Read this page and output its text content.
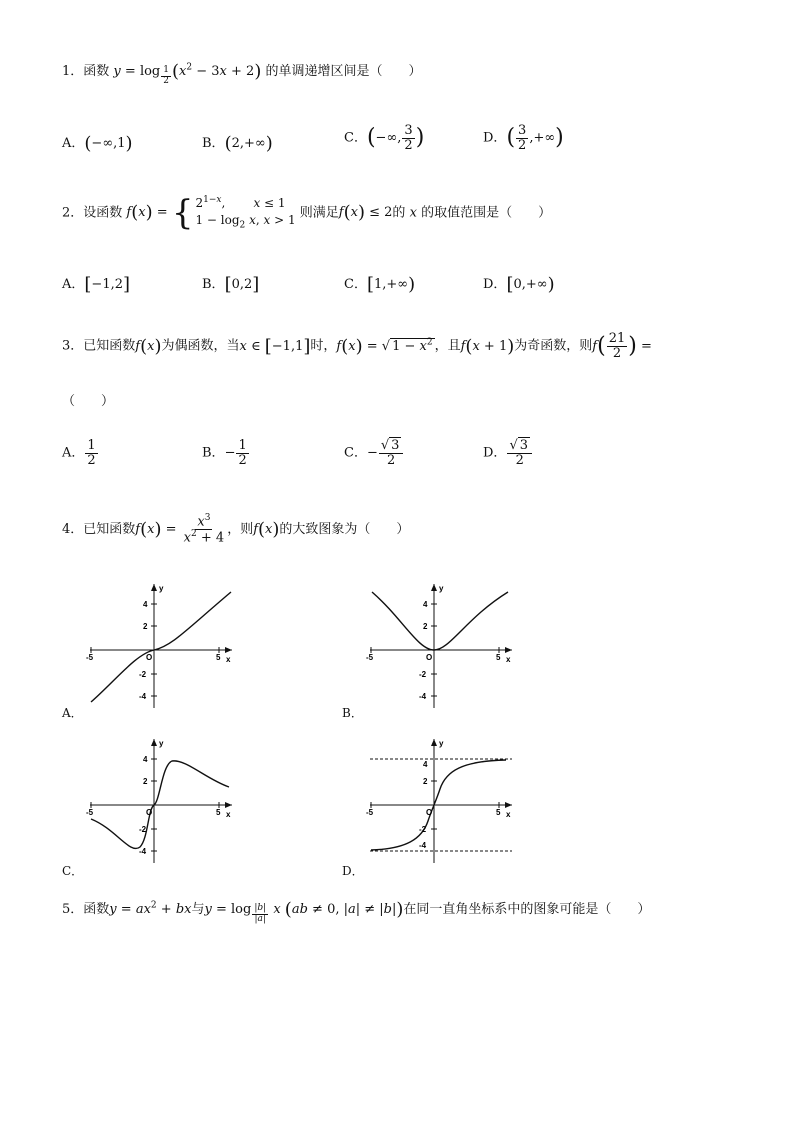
1．函数 y = log $_{\frac{1}{2}}$ $(x^2 - 3x + 2)$ 的单调递增区间是（　　）
A．(−∞,1)	B．(2,+∞)	C．(−∞, $\frac{3}{2}$ )	D．( $\frac{3}{2}$ ,+∞)
2．设函数 f(x) = { $2^{1-x}$, x ≤ 1
$1 - \log_2 x$, x > 1 则满足f(x) ≤ 2的 x 的取值范围是（　　）
A．[−1,2]	B．[0,2]	C．[1,+∞)	D．[0,+∞)
3．已知函数f(x)为偶函数，当x ∈ [−1,1]时，f(x) = √ $1 - x^2$ ，且f(x + 1)为奇函数，则$f( \frac{21}{2}$ ) =
（　　）
A． $\frac{1}{2}$	B．− $\frac{1}{2}$	C．− $\frac{√ 3}{2}$	D． $\frac{√ 3}{2}$
4．已知函数$f(x) = \frac{x^3}{x^2 + 4}$ ，则f(x)的大致图象为（　　）
y
x
4
2
-2
-4
-5	5
O
A．
y
x
4
2
-2
-4
-5	5
O
B．
y
x
4
2
-2
-4
-5	5
O
C．
y
x
4
2
-2
-4
-5	5
O
D．
5．函数$y = ax^2$ + bx与y = log $_{\frac{|b|}{|a|}}$ x (ab ≠ 0, |a| ≠ |b|)在同一直角坐标系中的图象可能是（　　）
